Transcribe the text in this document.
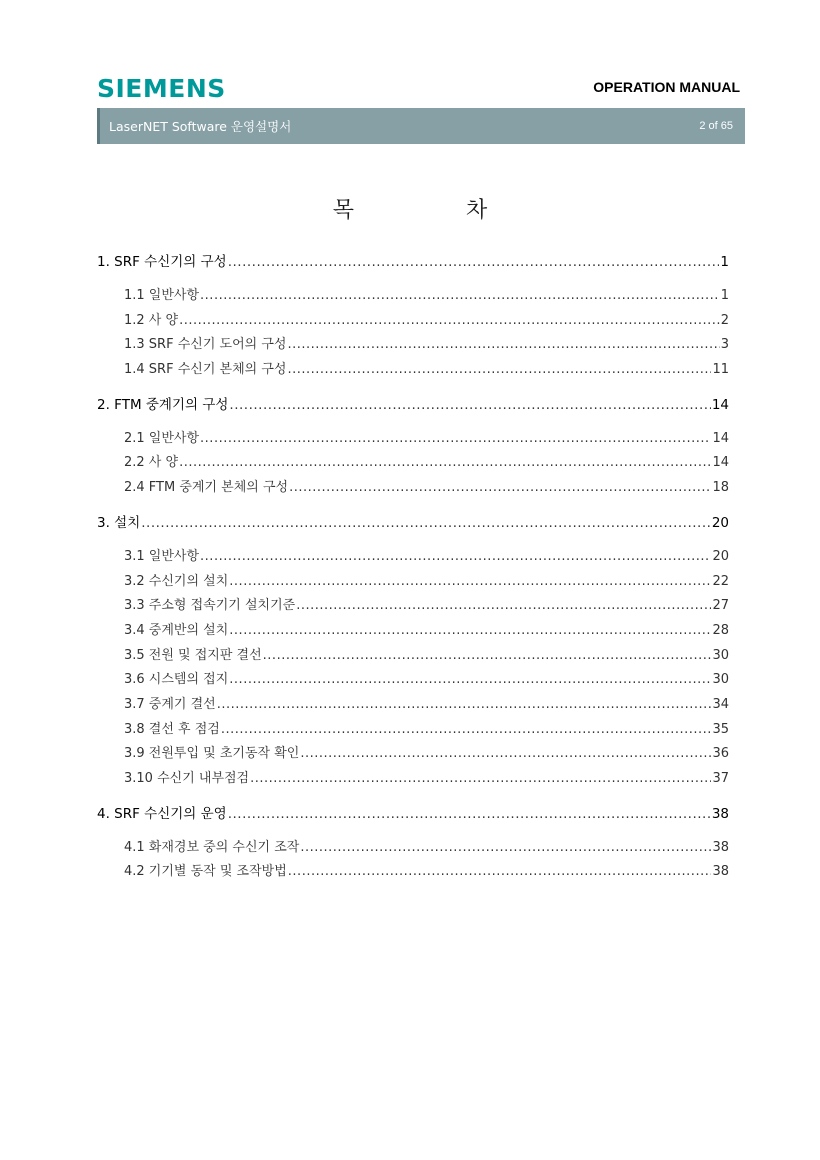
SIEMENS	OPERATION MANUAL
LaserNET Software 운영설명서	2 of 65
목	차
1. SRF 수신기의 구성 .....	1
1.1 일반사항 .....	1
1.2 사 양 .....	2
1.3 SRF 수신기 도어의 구성 .....	3
1.4 SRF 수신기 본체의 구성 .....	11
2. FTM 중계기의 구성 .....	14
2.1 일반사항 .....	14
2.2 사 양 .....	14
2.4 FTM 중계기 본체의 구성 .....	18
3. 설치 .....	20
3.1 일반사항 .....	20
3.2 수신기의 설치 .....	22
3.3 주소형 접속기기 설치기준 .....	27
3.4 중계반의 설치 .....	28
3.5 전원 및 접지판 결선 .....	30
3.6 시스템의 접지 .....	30
3.7 중계기 결선 .....	34
3.8 결선 후 점검 .....	35
3.9 전원투입 및 초기동작 확인 .....	36
3.10 수신기 내부점검 .....	37
4. SRF 수신기의 운영 .....	38
4.1 화재경보 중의 수신기 조작 .....	38
4.2 기기별 동작 및 조작방법 .....	38
